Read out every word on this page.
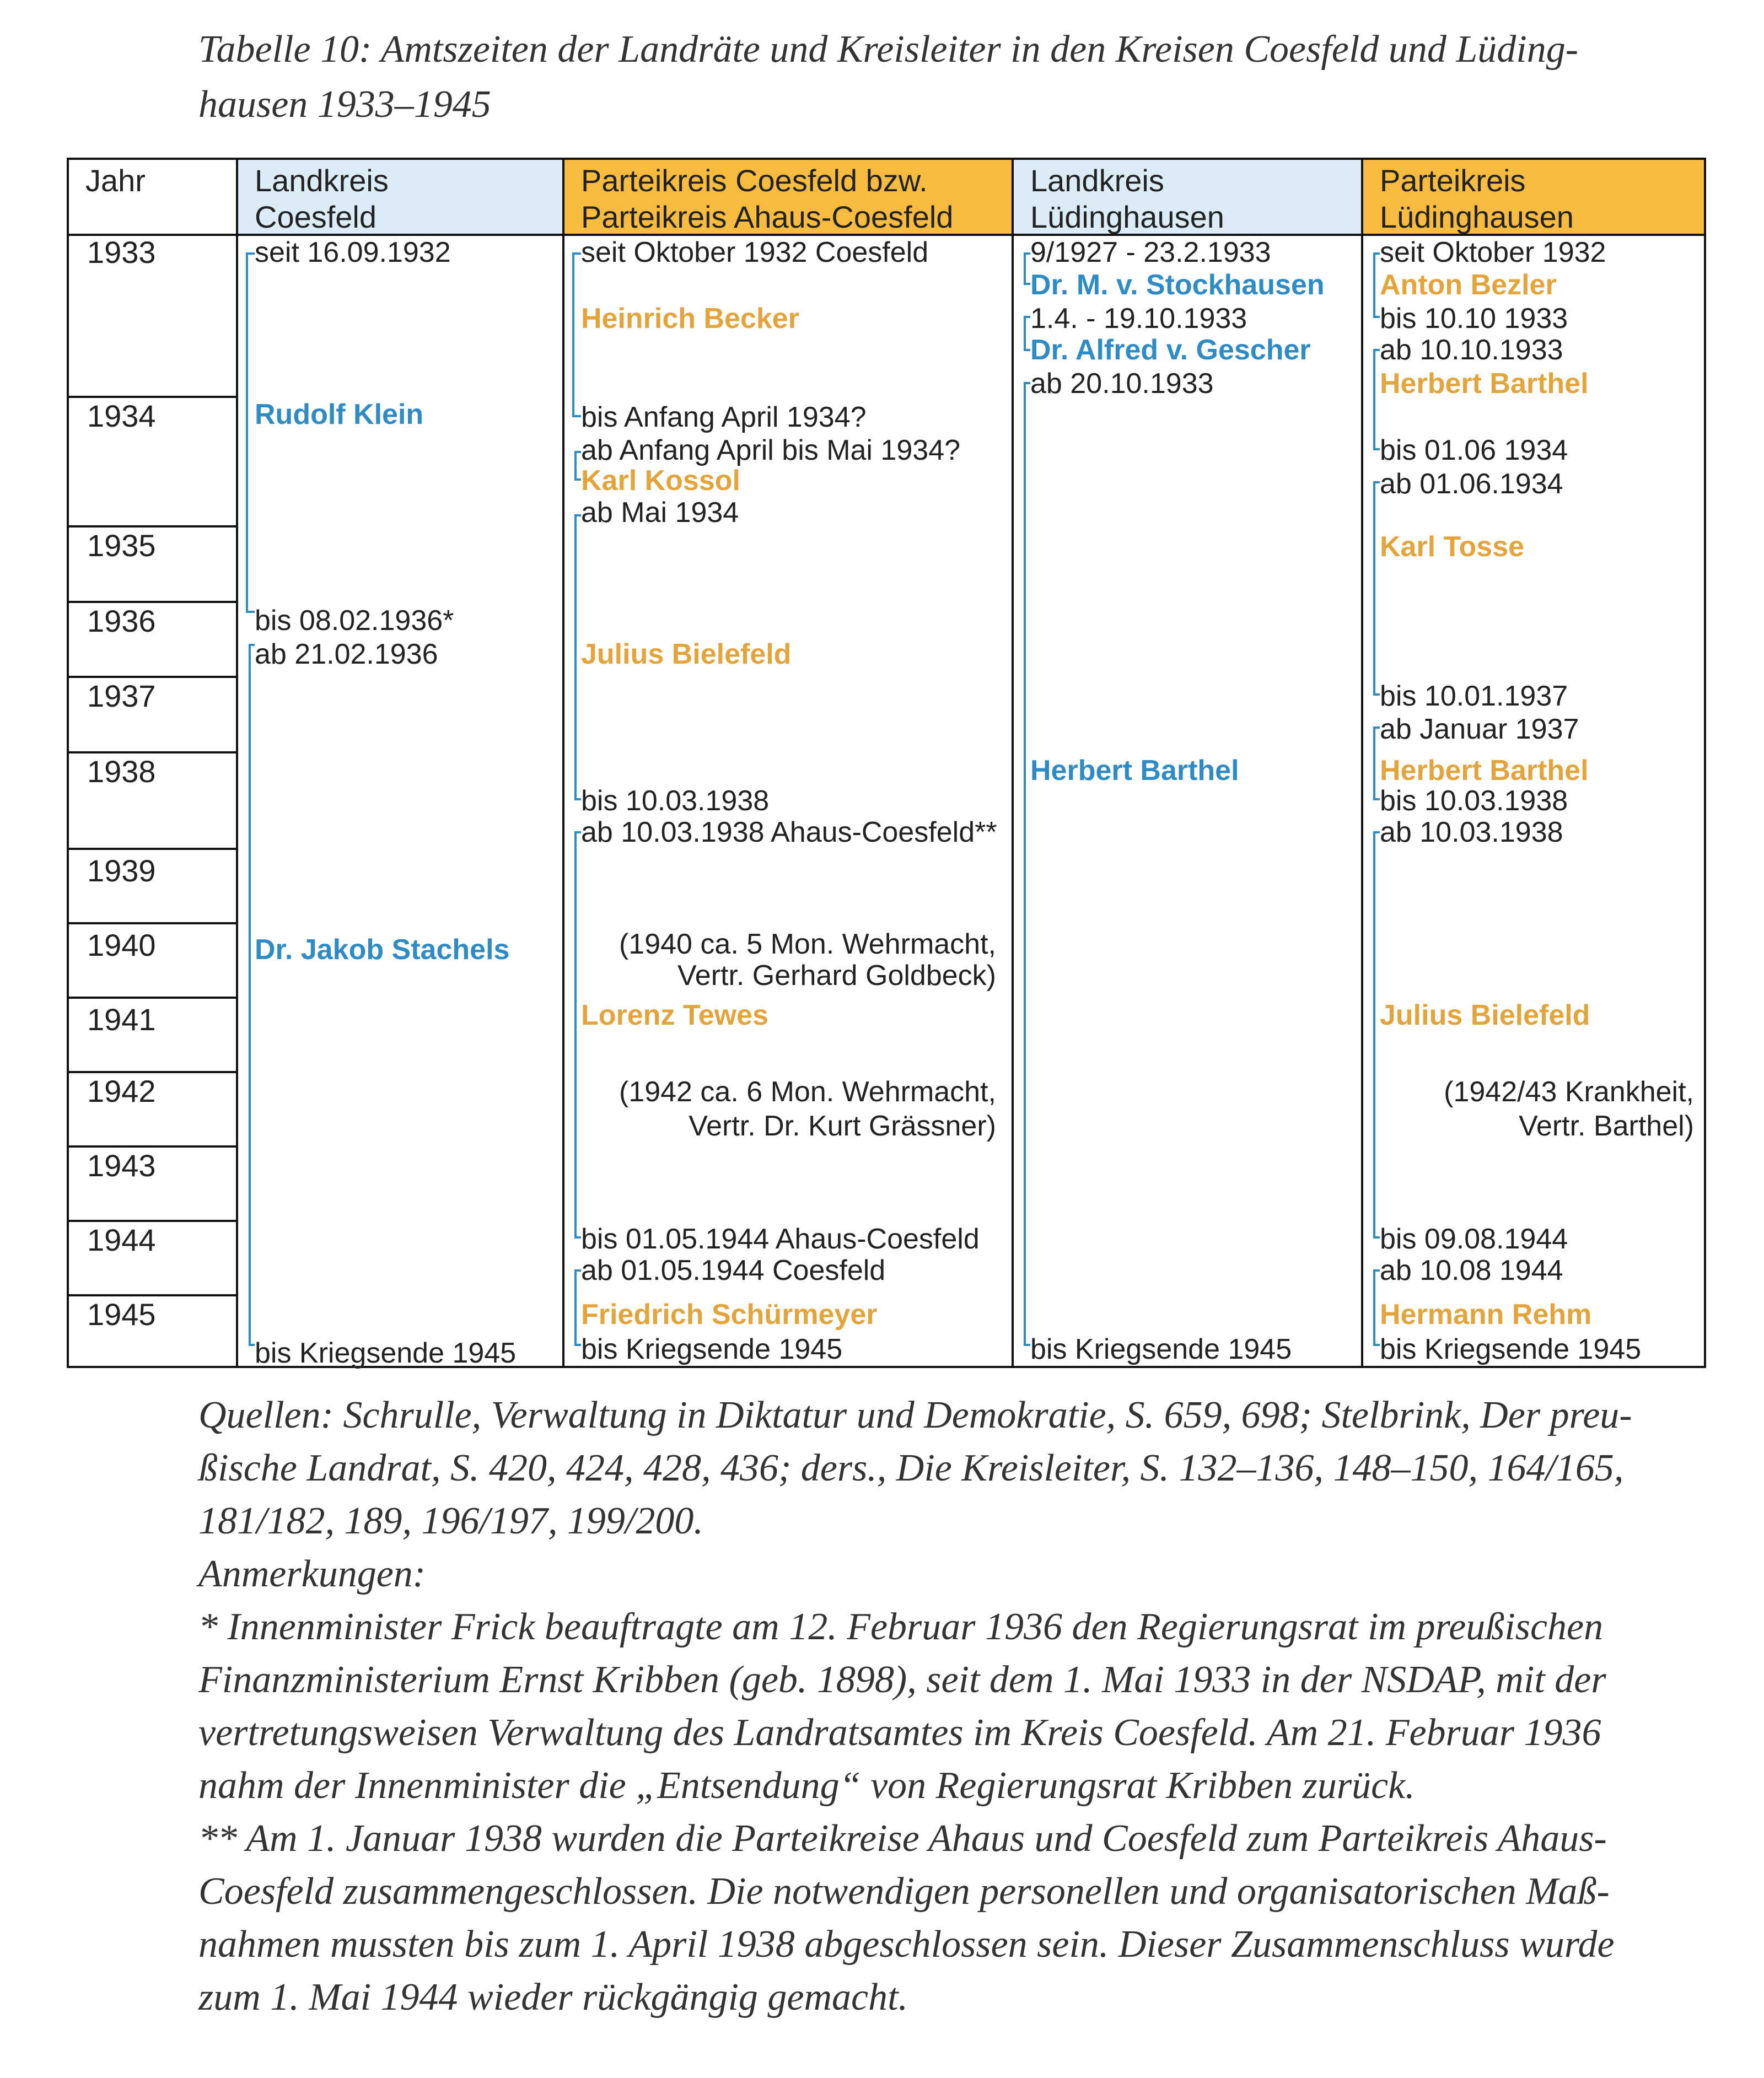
Tabelle 10: Amtszeiten der Landräte und Kreisleiter in den Kreisen Coesfeld und Lüding-
hausen 1933–1945
Jahr	Landkreis
Coesfeld
Parteikreis Coesfeld bzw.
Parteikreis Ahaus-Coesfeld
Landkreis
Lüdinghausen
Parteikreis
Lüdinghausen
1933
1934
1935
1936
1937
1938
1939
1940
1941
1942
1943
1944
1945
seit 16.09.1932
Rudolf Klein
bis 08.02.1936*
ab 21.02.1936
Dr. Jakob Stachels
bis Kriegsende 1945
seit Oktober 1932 Coesfeld
Heinrich Becker
bis Anfang April 1934?
ab Anfang April bis Mai 1934?
Karl Kossol
ab Mai 1934
Julius Bielefeld
bis 10.03.1938
ab 10.03.1938 Ahaus-Coesfeld**
(1940 ca. 5 Mon. Wehrmacht,
Vertr. Gerhard Goldbeck)
Lorenz Tewes
(1942 ca. 6 Mon. Wehrmacht,
Vertr. Dr. Kurt Grässner)
bis 01.05.1944 Ahaus-Coesfeld
ab 01.05.1944 Coesfeld
Friedrich Schürmeyer
bis Kriegsende 1945
9/1927 - 23.2.1933
Dr. M. v. Stockhausen
1.4. - 19.10.1933
Dr. Alfred v. Gescher
ab 20.10.1933
Herbert Barthel
bis Kriegsende 1945
seit Oktober 1932
Anton Bezler
bis 10.10 1933
ab 10.10.1933
Herbert Barthel
bis 01.06 1934
ab 01.06.1934
Karl Tosse
bis 10.01.1937
ab Januar 1937
Herbert Barthel
bis 10.03.1938
ab 10.03.1938
Julius Bielefeld
(1942/43 Krankheit,
Vertr. Barthel)
bis 09.08.1944
ab 10.08 1944
Hermann Rehm
bis Kriegsende 1945
Quellen: Schrulle, Verwaltung in Diktatur und Demokratie, S. 659, 698; Stelbrink, Der preu-
ßische Landrat, S. 420, 424, 428, 436; ders., Die Kreisleiter, S. 132–136, 148–150, 164/165,
181/182, 189, 196/197, 199/200.
Anmerkungen:
* Innenminister Frick beauftragte am 12. Februar 1936 den Regierungsrat im preußischen
Finanzministerium Ernst Kribben (geb. 1898), seit dem 1. Mai 1933 in der NSDAP, mit der
vertretungsweisen Verwaltung des Landratsamtes im Kreis Coesfeld. Am 21. Februar 1936
nahm der Innenminister die „Entsendung“ von Regierungsrat Kribben zurück.
** Am 1. Januar 1938 wurden die Parteikreise Ahaus und Coesfeld zum Parteikreis Ahaus-
Coesfeld zusammengeschlossen. Die notwendigen personellen und organisatorischen Maß-
nahmen mussten bis zum 1. April 1938 abgeschlossen sein. Dieser Zusammenschluss wurde
zum 1. Mai 1944 wieder rückgängig gemacht.
